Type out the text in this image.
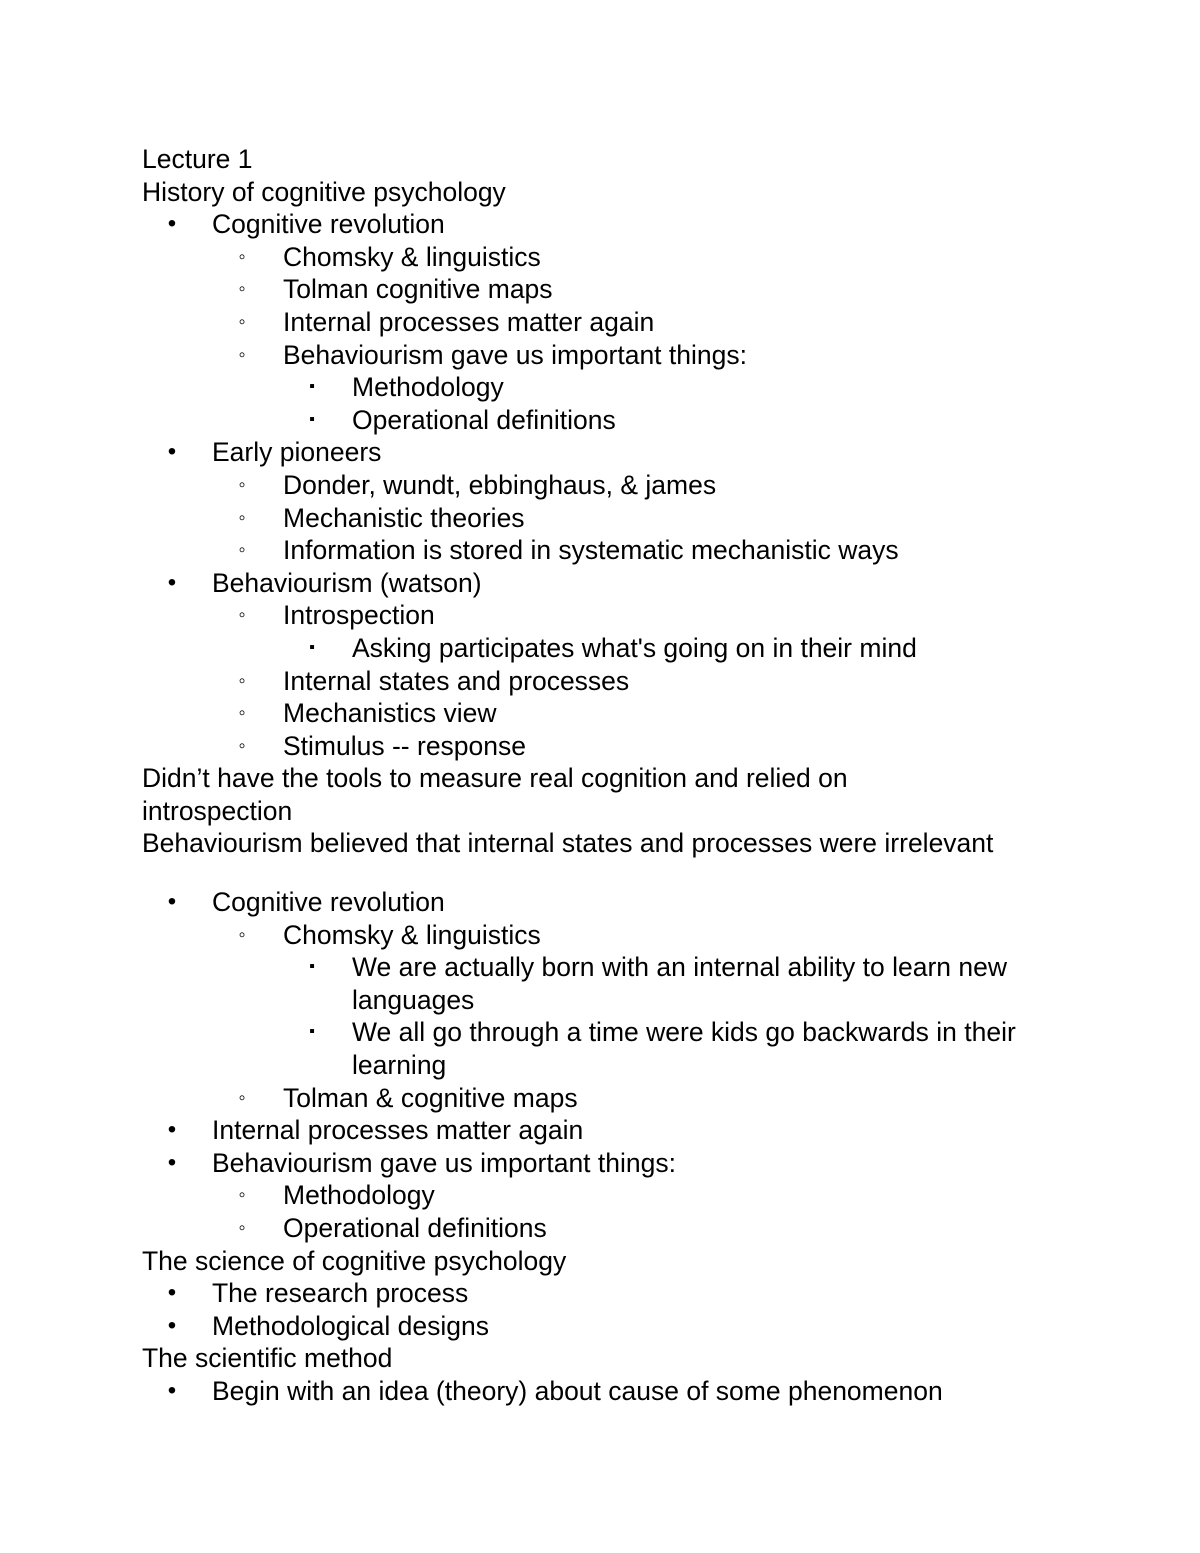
Lecture 1
History of cognitive psychology
• Cognitive revolution
◦ Chomsky & linguistics
◦ Tolman cognitive maps
◦ Internal processes matter again
◦ Behaviourism gave us important things:
▪ Methodology
▪ Operational definitions
• Early pioneers
◦ Donder, wundt, ebbinghaus, & james
◦ Mechanistic theories
◦ Information is stored in systematic mechanistic ways
• Behaviourism (watson)
◦ Introspection
▪ Asking participates what's going on in their mind
◦ Internal states and processes
◦ Mechanistics view
◦ Stimulus -- response
Didn’t have the tools to measure real cognition and relied on
introspection
Behaviourism believed that internal states and processes were irrelevant
• Cognitive revolution
◦ Chomsky & linguistics
▪ We are actually born with an internal ability to learn new languages
▪ We all go through a time were kids go backwards in their learning
◦ Tolman & cognitive maps
• Internal processes matter again
• Behaviourism gave us important things:
◦ Methodology
◦ Operational definitions
The science of cognitive psychology
• The research process
• Methodological designs
The scientific method
• Begin with an idea (theory) about cause of some phenomenon
